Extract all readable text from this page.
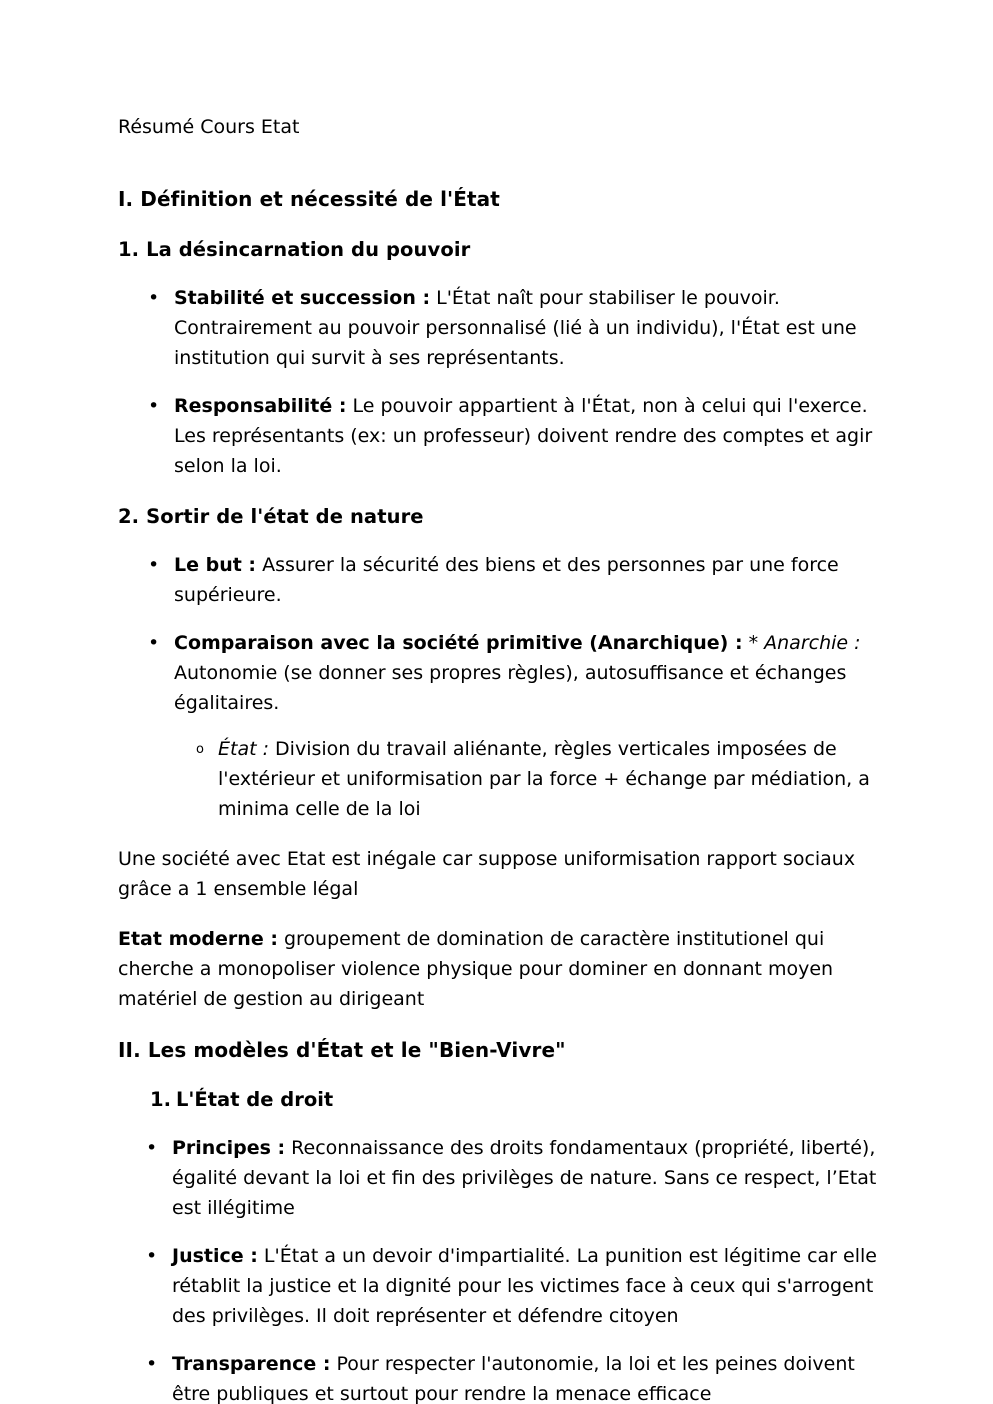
Résumé Cours Etat
I. Définition et nécessité de l'État
1. La désincarnation du pouvoir
• Stabilité et succession : L'État naît pour stabiliser le pouvoir. Contrairement au pouvoir personnalisé (lié à un individu), l'État est une institution qui survit à ses représentants.
• Responsabilité : Le pouvoir appartient à l'État, non à celui qui l'exerce. Les représentants (ex: un professeur) doivent rendre des comptes et agir selon la loi.
2. Sortir de l'état de nature
• Le but : Assurer la sécurité des biens et des personnes par une force supérieure.
• Comparaison avec la société primitive (Anarchique) : * Anarchie : Autonomie (se donner ses propres règles), autosuffisance et échanges égalitaires.
o État : Division du travail aliénante, règles verticales imposées de l'extérieur et uniformisation par la force + échange par médiation, a minima celle de la loi

Une société avec Etat est inégale car suppose uniformisation rapport sociaux grâce a 1 ensemble légal

Etat moderne : groupement de domination de caractère institutionel qui cherche a monopoliser violence physique pour dominer en donnant moyen matériel de gestion au dirigeant

II. Les modèles d'État et le "Bien-Vivre"
1. L'État de droit
• Principes : Reconnaissance des droits fondamentaux (propriété, liberté), égalité devant la loi et fin des privilèges de nature. Sans ce respect, l’Etat est illégitime
• Justice : L'État a un devoir d'impartialité. La punition est légitime car elle rétablit la justice et la dignité pour les victimes face à ceux qui s'arrogent des privilèges. Il doit représenter et défendre citoyen
• Transparence : Pour respecter l'autonomie, la loi et les peines doivent être publiques et surtout pour rendre la menace efficace
